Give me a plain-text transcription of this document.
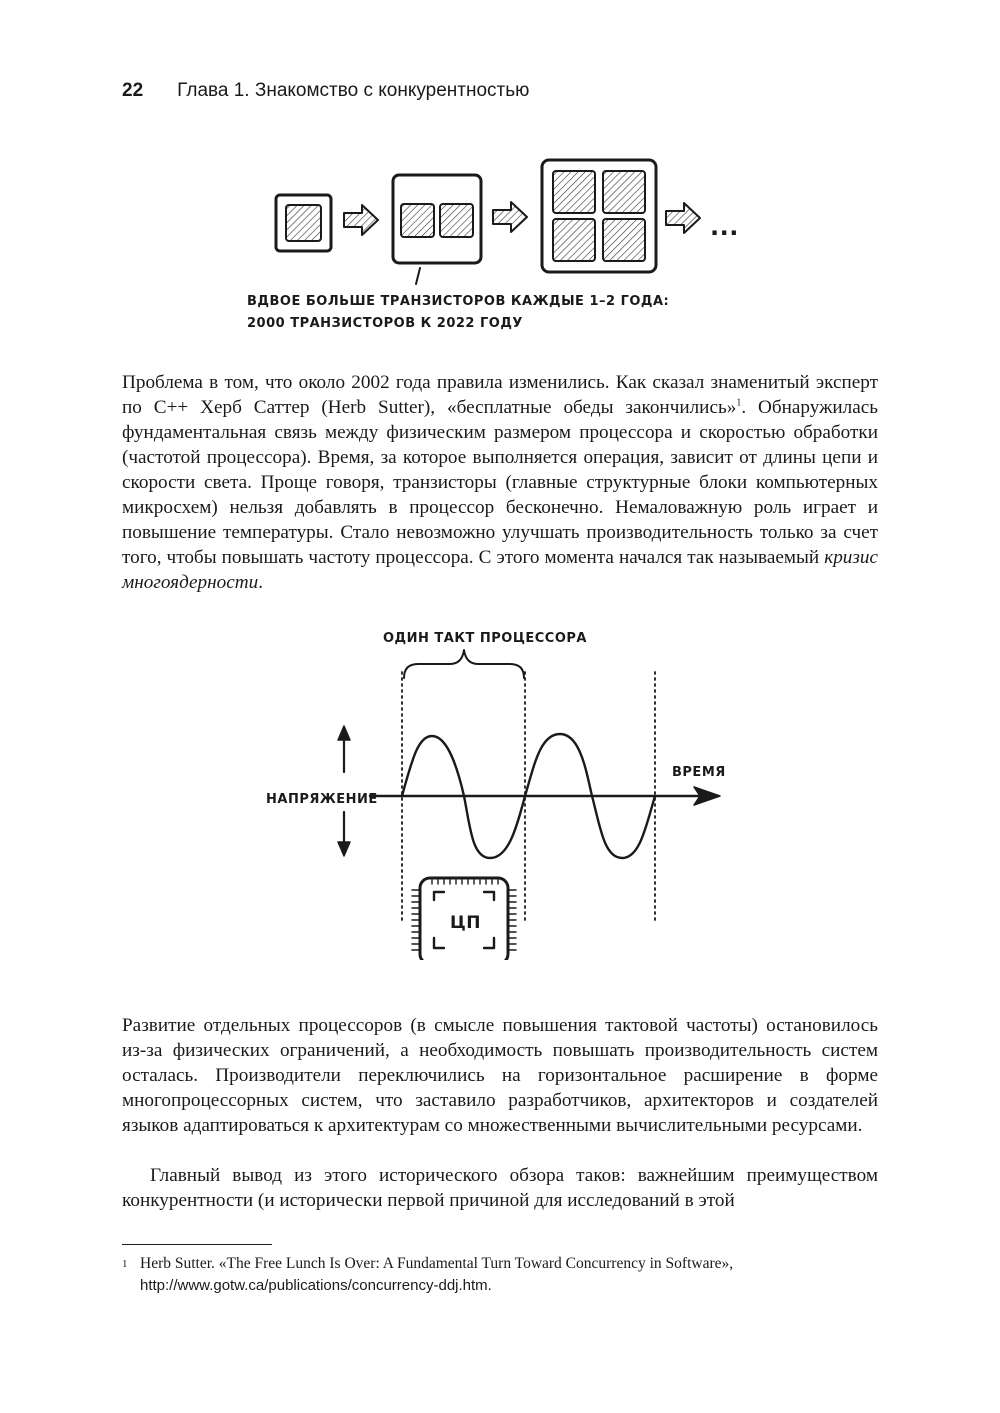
22 Глава 1. Знакомство с конкурентностью
...
ВДВОЕ БОЛЬШЕ ТРАНЗИСТОРОВ КАЖДЫЕ 1–2 ГОДА:
2000 ТРАНЗИСТОРОВ К 2022 ГОДУ

Проблема в том, что около 2002 года правила изменились. Как сказал знаменитый эксперт по C++ Херб Саттер (Herb Sutter), «бесплатные обеды закончились»$^1$. Обнаружилась фундаментальная связь между физическим размером процессора и скоростью обработки (частотой процессора). Время, за которое выполняется операция, зависит от длины цепи и скорости света. Проще говоря, транзисторы (главные структурные блоки компьютерных микросхем) нельзя добавлять в процессор бесконечно. Немаловажную роль играет и повышение температуры. Стало невозможно улучшать производительность только за счет того, чтобы повышать частоту процессора. С этого момента начался так называемый кризис многоядерности.

ОДИН ТАКТ ПРОЦЕССОРА
ВРЕМЯ
НАПРЯЖЕНИЕ
ЦП

Развитие отдельных процессоров (в смысле повышения тактовой частоты) остановилось из-за физических ограничений, а необходимость повышать производительность систем осталась. Производители переключились на горизонтальное расширение в форме многопроцессорных систем, что заставило разработчиков, архитекторов и создателей языков адаптироваться к архитектурам со множественными вычислительными ресурсами.

Главный вывод из этого исторического обзора таков: важнейшим преимуществом конкурентности (и исторически первой причиной для исследований в этой

1 Herb Sutter. «The Free Lunch Is Over: A Fundamental Turn Toward Concurrency in Software»,
http://www.gotw.ca/publications/concurrency-ddj.htm.
